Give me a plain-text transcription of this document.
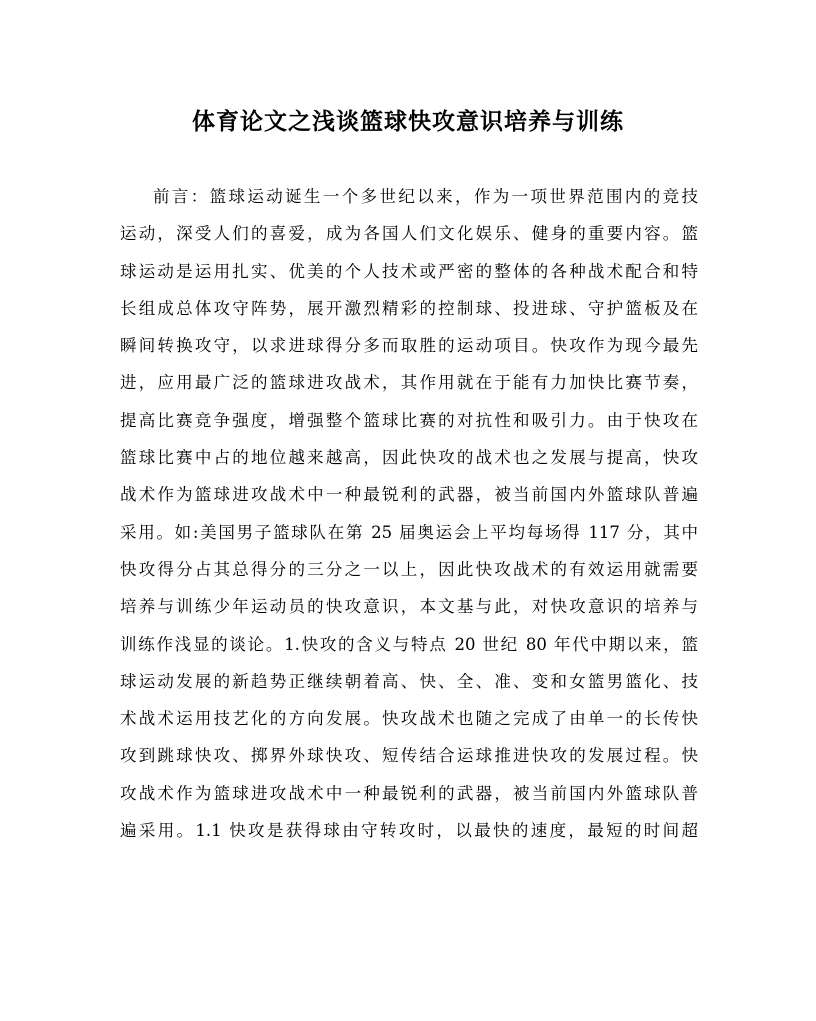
体育论文之浅谈篮球快攻意识培养与训练
前言：篮球运动诞生一个多世纪以来，作为一项世界范围内的竞技
运动，深受人们的喜爱，成为各国人们文化娱乐、健身的重要内容。篮
球运动是运用扎实、优美的个人技术或严密的整体的各种战术配合和特
长组成总体攻守阵势，展开激烈精彩的控制球、投进球、守护篮板及在
瞬间转换攻守，以求进球得分多而取胜的运动项目。快攻作为现今最先
进，应用最广泛的篮球进攻战术，其作用就在于能有力加快比赛节奏，
提高比赛竞争强度，增强整个篮球比赛的对抗性和吸引力。由于快攻在
篮球比赛中占的地位越来越高，因此快攻的战术也之发展与提高，快攻
战术作为篮球进攻战术中一种最锐利的武器，被当前国内外篮球队普遍
采用。如:美国男子篮球队在第 25 届奥运会上平均每场得 117 分，其中
快攻得分占其总得分的三分之一以上，因此快攻战术的有效运用就需要
培养与训练少年运动员的快攻意识，本文基与此，对快攻意识的培养与
训练作浅显的谈论。1.快攻的含义与特点 20 世纪 80 年代中期以来，篮
球运动发展的新趋势正继续朝着高、快、全、准、变和女篮男篮化、技
术战术运用技艺化的方向发展。快攻战术也随之完成了由单一的长传快
攻到跳球快攻、掷界外球快攻、短传结合运球推进快攻的发展过程。快
攻战术作为篮球进攻战术中一种最锐利的武器，被当前国内外篮球队普
遍采用。1.1 快攻是获得球由守转攻时，以最快的速度，最短的时间超
